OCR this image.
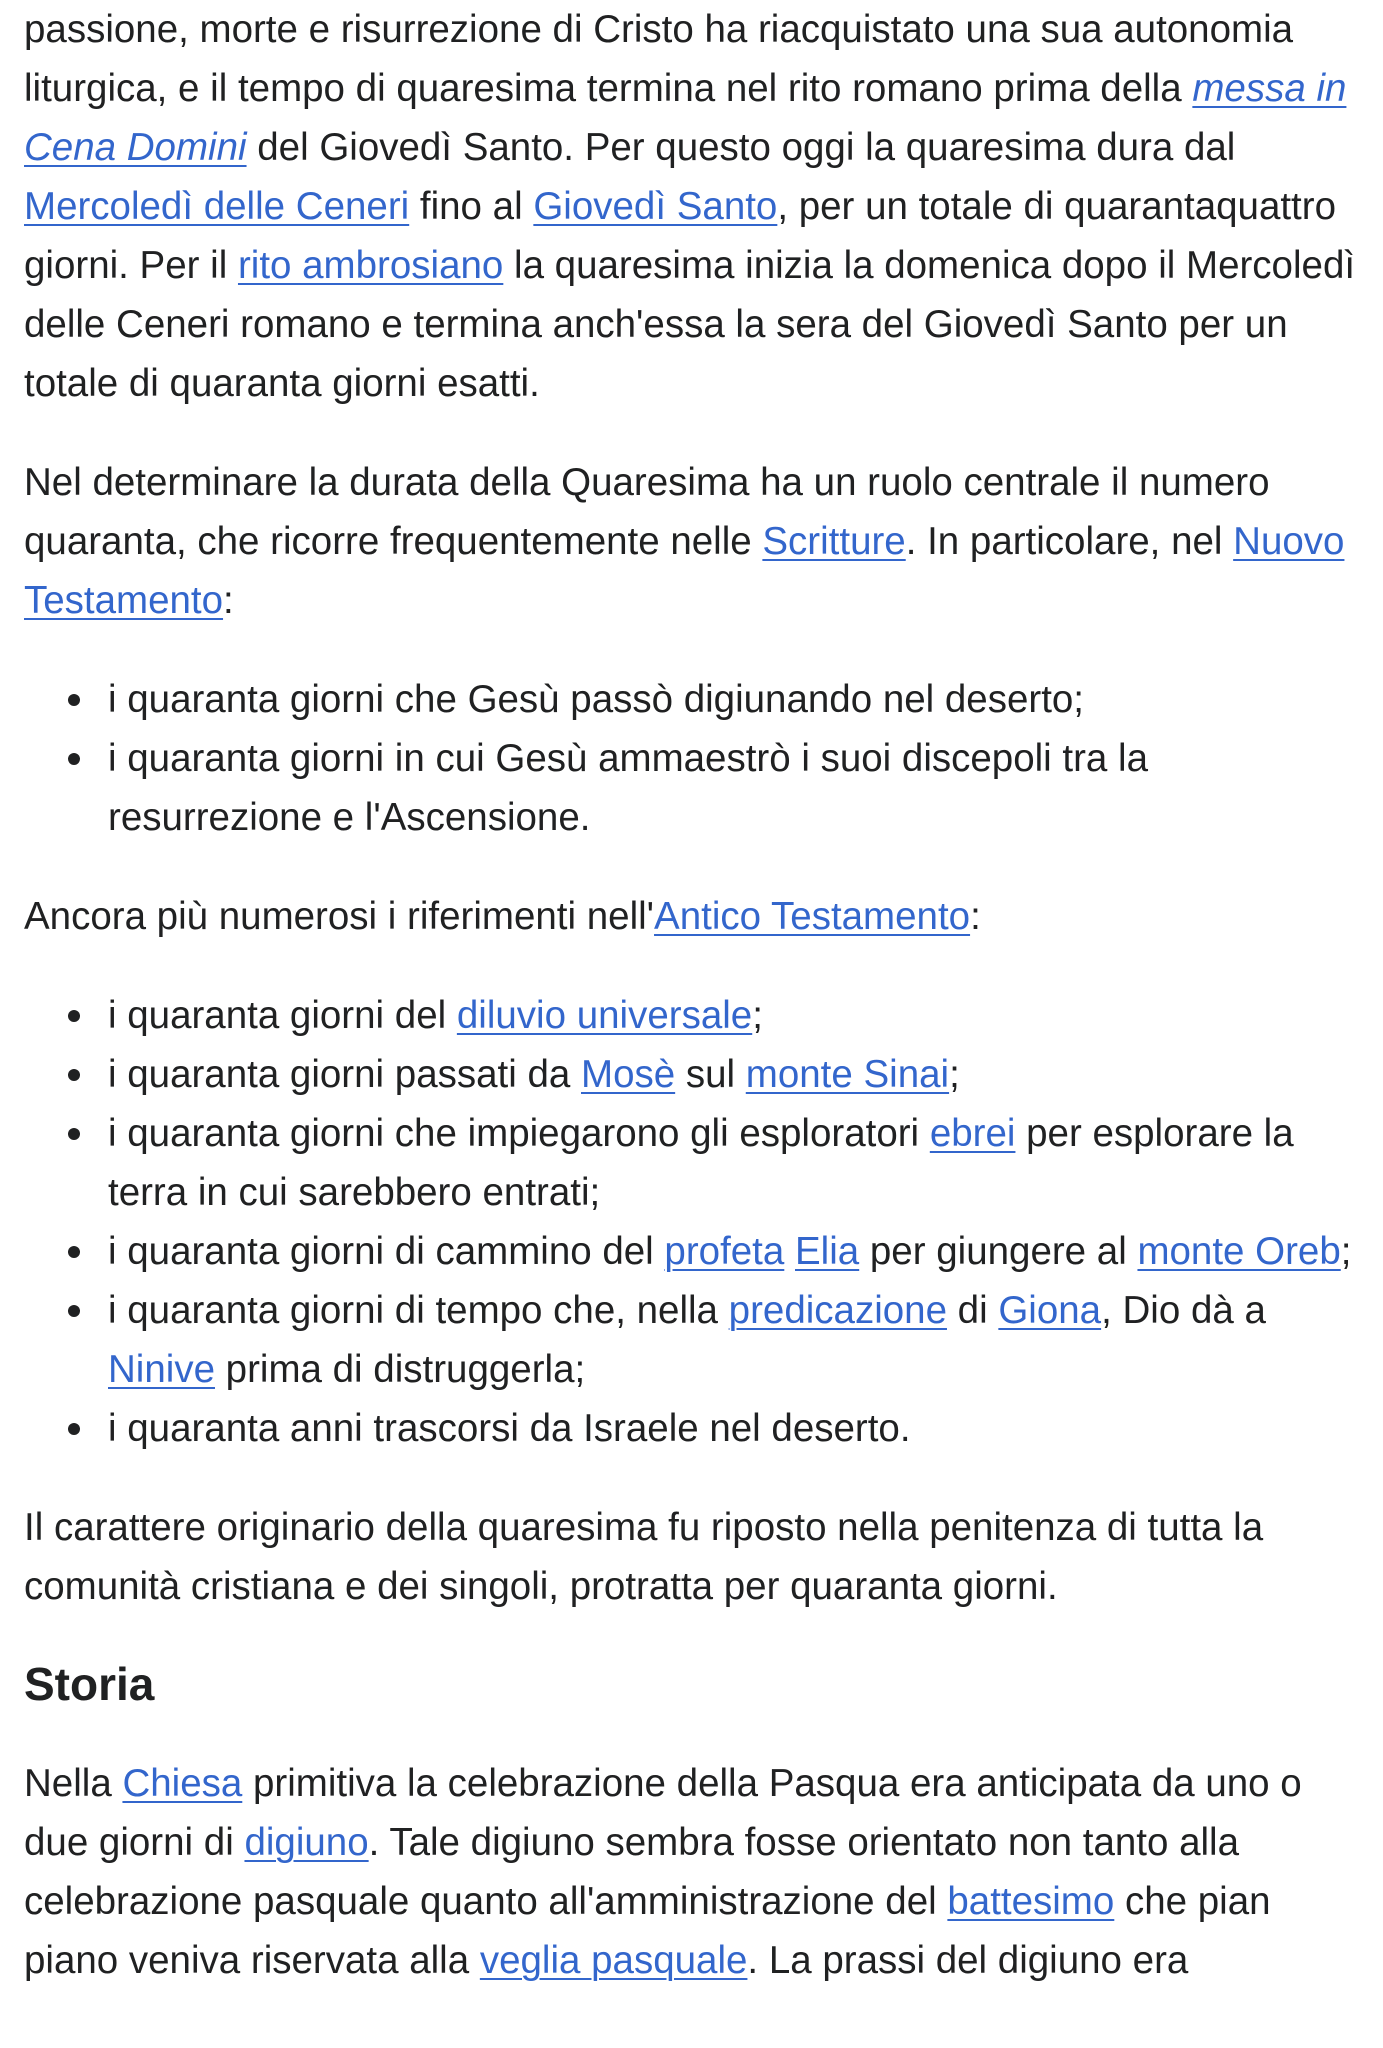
passione, morte e risurrezione di Cristo ha riacquistato una sua autonomia liturgica, e il tempo di quaresima termina nel rito romano prima della messa in Cena Domini del Giovedì Santo. Per questo oggi la quaresima dura dal Mercoledì delle Ceneri fino al Giovedì Santo, per un totale di quarantaquattro giorni. Per il rito ambrosiano la quaresima inizia la domenica dopo il Mercoledì delle Ceneri romano e termina anch'essa la sera del Giovedì Santo per un totale di quaranta giorni esatti.

Nel determinare la durata della Quaresima ha un ruolo centrale il numero quaranta, che ricorre frequentemente nelle Scritture. In particolare, nel Nuovo Testamento:

i quaranta giorni che Gesù passò digiunando nel deserto;
i quaranta giorni in cui Gesù ammaestrò i suoi discepoli tra la resurrezione e l'Ascensione.

Ancora più numerosi i riferimenti nell'Antico Testamento:

i quaranta giorni del diluvio universale;
i quaranta giorni passati da Mosè sul monte Sinai;
i quaranta giorni che impiegarono gli esploratori ebrei per esplorare la terra in cui sarebbero entrati;
i quaranta giorni di cammino del profeta Elia per giungere al monte Oreb;
i quaranta giorni di tempo che, nella predicazione di Giona, Dio dà a Ninive prima di distruggerla;
i quaranta anni trascorsi da Israele nel deserto.

Il carattere originario della quaresima fu riposto nella penitenza di tutta la comunità cristiana e dei singoli, protratta per quaranta giorni.

Storia

Nella Chiesa primitiva la celebrazione della Pasqua era anticipata da uno o due giorni di digiuno. Tale digiuno sembra fosse orientato non tanto alla celebrazione pasquale quanto all'amministrazione del battesimo che pian piano veniva riservata alla veglia pasquale. La prassi del digiuno era
